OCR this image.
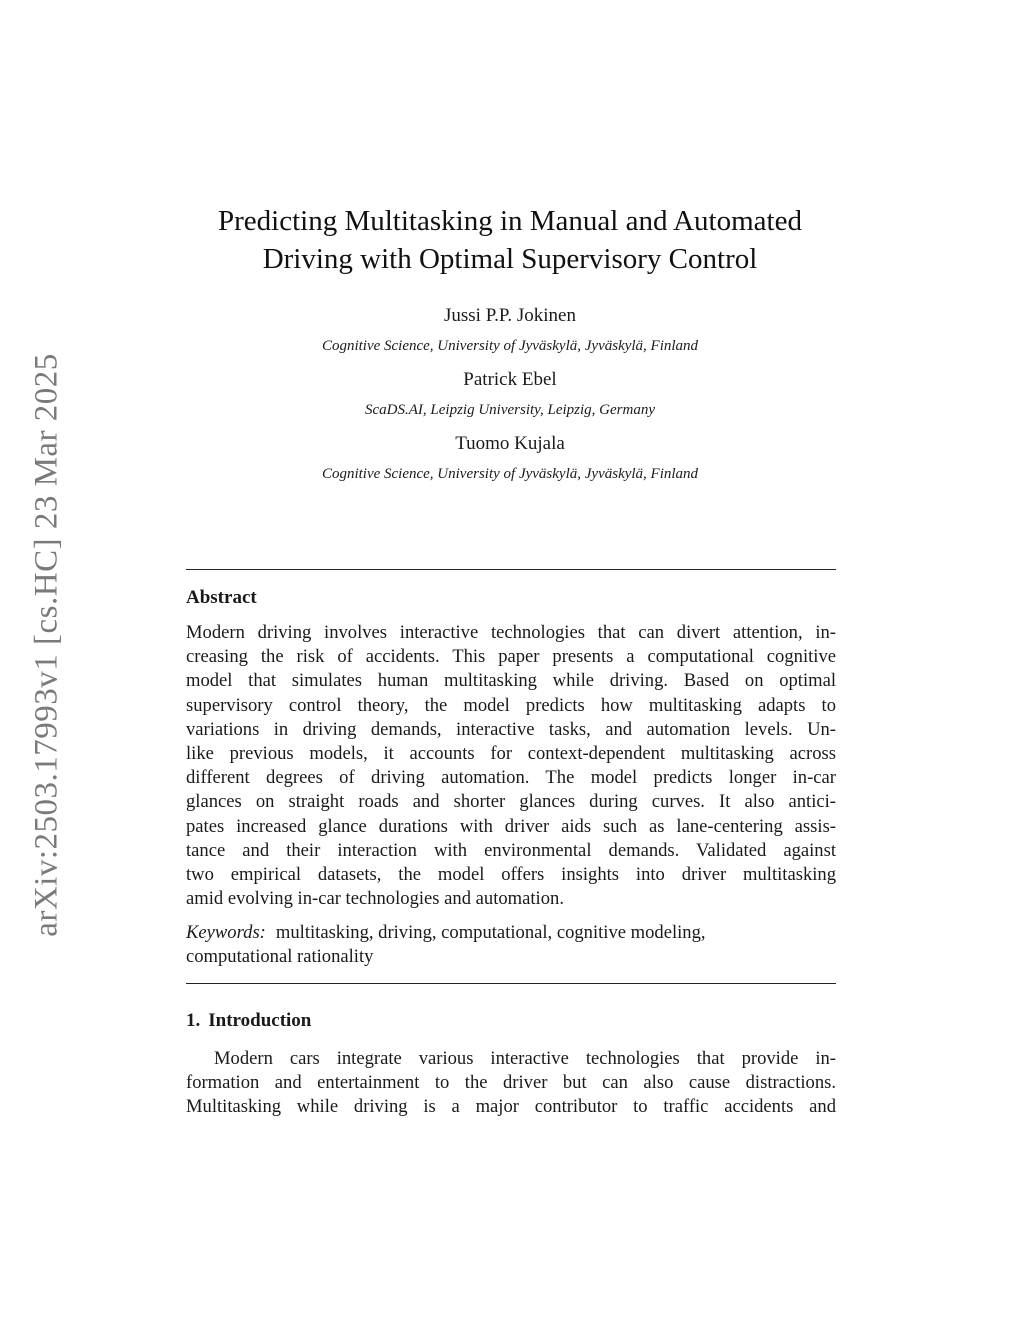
arXiv:2503.17993v1 [cs.HC] 23 Mar 2025
Predicting Multitasking in Manual and Automated
Driving with Optimal Supervisory Control
Jussi P.P. Jokinen
Cognitive Science, University of Jyväskylä, Jyväskylä, Finland
Patrick Ebel
ScaDS.AI, Leipzig University, Leipzig, Germany
Tuomo Kujala
Cognitive Science, University of Jyväskylä, Jyväskylä, Finland
Abstract
Modern driving involves interactive technologies that can divert attention, in-
creasing the risk of accidents. This paper presents a computational cognitive
model that simulates human multitasking while driving. Based on optimal
supervisory control theory, the model predicts how multitasking adapts to
variations in driving demands, interactive tasks, and automation levels. Un-
like previous models, it accounts for context-dependent multitasking across
different degrees of driving automation. The model predicts longer in-car
glances on straight roads and shorter glances during curves. It also antici-
pates increased glance durations with driver aids such as lane-centering assis-
tance and their interaction with environmental demands. Validated against
two empirical datasets, the model offers insights into driver multitasking
amid evolving in-car technologies and automation.
Keywords: multitasking, driving, computational, cognitive modeling,
computational rationality
1. Introduction
Modern cars integrate various interactive technologies that provide in-
formation and entertainment to the driver but can also cause distractions.
Multitasking while driving is a major contributor to traffic accidents and
